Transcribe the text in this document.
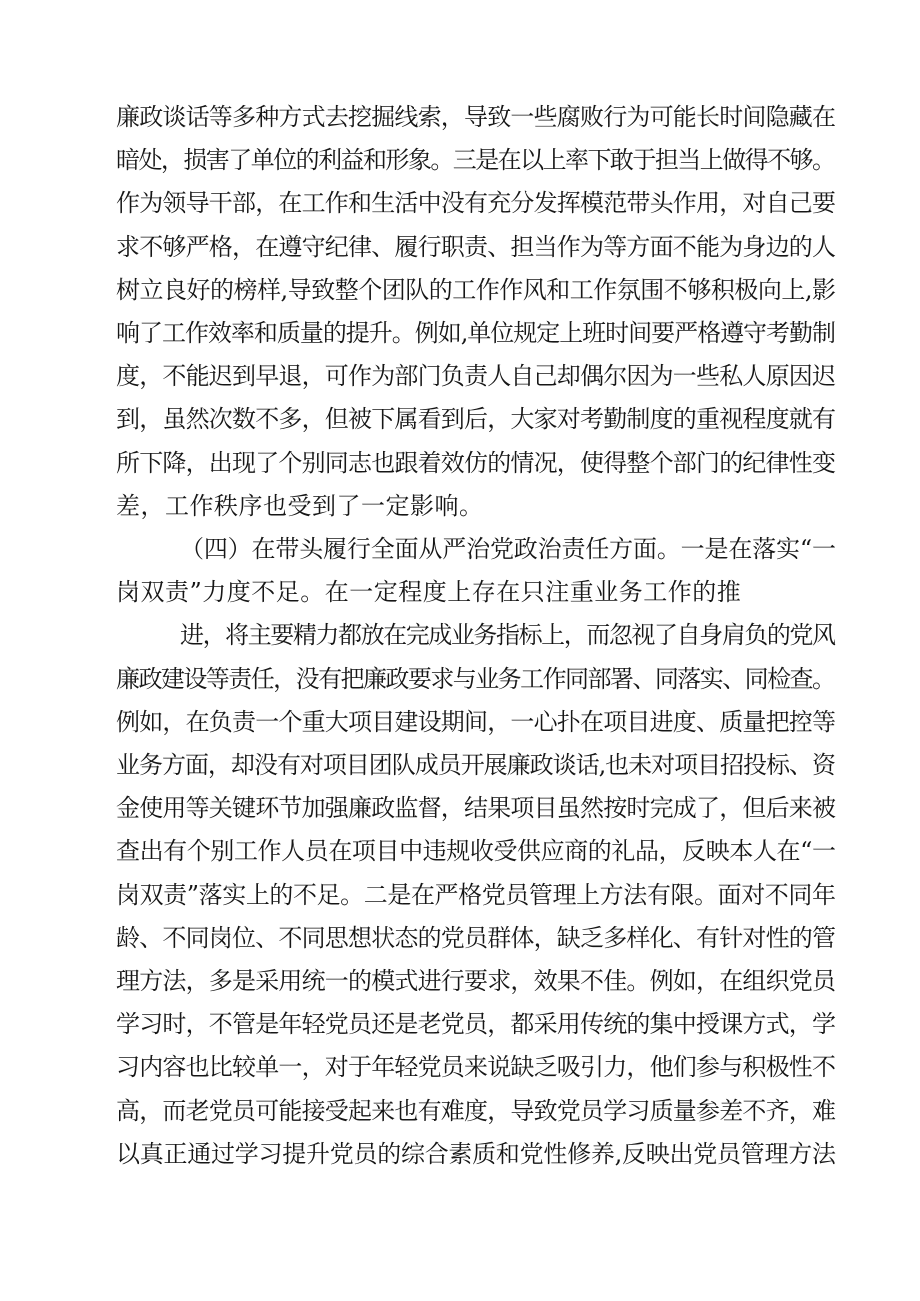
廉政谈话等多种方式去挖掘线索，导致一些腐败行为可能长时间隐藏在
暗处，损害了单位的利益和形象。三是在以上率下敢于担当上做得不够。
作为领导干部，在工作和生活中没有充分发挥模范带头作用，对自己要
求不够严格，在遵守纪律、履行职责、担当作为等方面不能为身边的人
树立良好的榜样,导致整个团队的工作作风和工作氛围不够积极向上,影
响了工作效率和质量的提升。例如,单位规定上班时间要严格遵守考勤制
度，不能迟到早退，可作为部门负责人自己却偶尔因为一些私人原因迟
到，虽然次数不多，但被下属看到后，大家对考勤制度的重视程度就有
所下降，出现了个别同志也跟着效仿的情况，使得整个部门的纪律性变
差，工作秩序也受到了一定影响。
（四）在带头履行全面从严治党政治责任方面。一是在落实“一
岗双责”力度不足。在一定程度上存在只注重业务工作的推
进，将主要精力都放在完成业务指标上，而忽视了自身肩负的党风
廉政建设等责任，没有把廉政要求与业务工作同部署、同落实、同检查。
例如，在负责一个重大项目建设期间，一心扑在项目进度、质量把控等
业务方面，却没有对项目团队成员开展廉政谈话,也未对项目招投标、资
金使用等关键环节加强廉政监督，结果项目虽然按时完成了，但后来被
查出有个别工作人员在项目中违规收受供应商的礼品，反映本人在“一
岗双责”落实上的不足。二是在严格党员管理上方法有限。面对不同年
龄、不同岗位、不同思想状态的党员群体，缺乏多样化、有针对性的管
理方法，多是采用统一的模式进行要求，效果不佳。例如，在组织党员
学习时，不管是年轻党员还是老党员，都采用传统的集中授课方式，学
习内容也比较单一，对于年轻党员来说缺乏吸引力，他们参与积极性不
高，而老党员可能接受起来也有难度，导致党员学习质量参差不齐，难
以真正通过学习提升党员的综合素质和党性修养,反映出党员管理方法
